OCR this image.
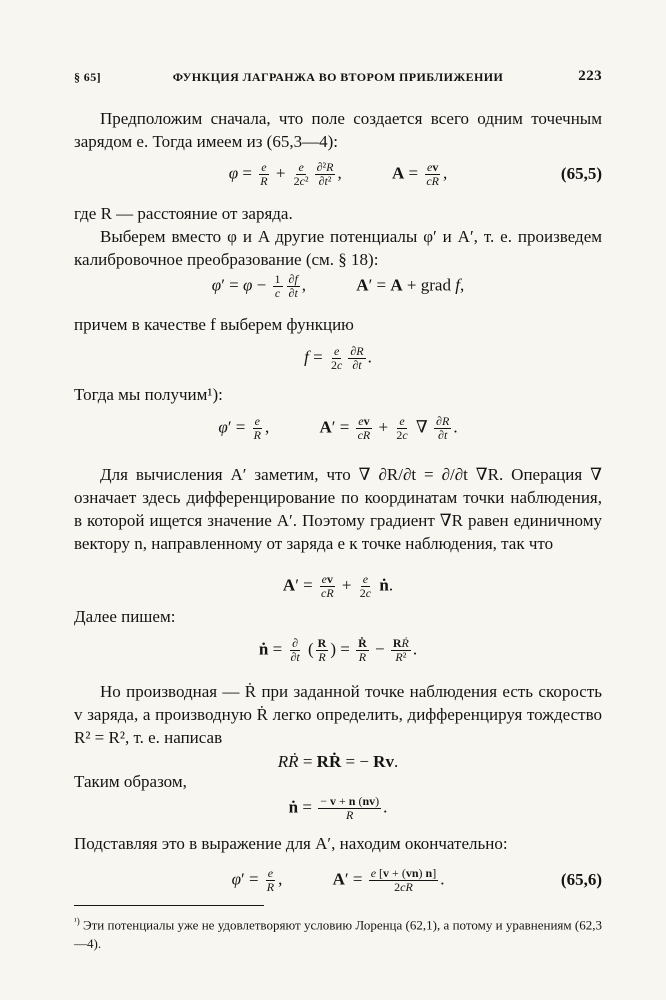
§ 65]	ФУНКЦИЯ ЛАГРАНЖА ВО ВТОРОМ ПРИБЛИЖЕНИИ	223
Предположим сначала, что поле создается всего одним точечным зарядом e. Тогда имеем из (65,3—4):
$\varphi = \frac{e}{R} + \frac{e}{\text{2c²}} \frac{\text{∂²R}}{\text{∂t²}}$ ,	$A = \frac{ev}{cR}$ ,	(65,5)
где R — расстояние от заряда.
Выберем вместо φ и A другие потенциалы φ′ и A′, т. е. произведем калибровочное преобразование (см. § 18):
$\varphi' = \varphi - \frac{1}{c} \frac{\partial f}{\partial t}$ ,	A′ = A + grad f,
причем в качестве f выберем функцию
$f = \frac{e}{2c} \frac{\partial R}{\partial t}$ .
Тогда мы получим¹):
$\varphi' = \frac{e}{R}$ ,	$A' = \frac{ev}{cR} + \frac{e}{2c}$ ∇ $\frac{\partial R}{\partial t}$ .
Для вычисления A′ заметим, что ∇ ∂R/∂t = ∂/∂t ∇R. Операция ∇ означает здесь дифференцирование по координатам точки наблюдения, в которой ищется значение A′. Поэтому градиент ∇R равен единичному вектору n, направленному от заряда e к точке наблюдения, так что
$A' = \frac{ev}{cR} + \frac{e}{2c}$ ṅ.
Далее пишем:
ṅ = $\frac{\partial}{\partial t}$ ( $\frac{R}{R}$ ) = $\frac{\text{Ṙ}}{R} - \frac{\text{RṘ}}{\text{R²}}$ .
Но производная — Ṙ при заданной точке наблюдения есть скорость v заряда, а производную Ṙ легко определить, дифференцируя тождество R² = R², т. е. написав
RṘ = RṘ = − Rv.
Таким образом,
ṅ = $\frac{- v + n (nv)}{R}$ .
Подставляя это в выражение для A′, находим окончательно:
$\varphi' = \frac{e}{R}$ ,	$A' = \frac{e [v + (vn) n]}{2cR}$ .	(65,6)
$^{^1)}$ Эти потенциалы уже не удовлетворяют условию Лоренца (62,1), а потому и уравнениям (62,3—4).
